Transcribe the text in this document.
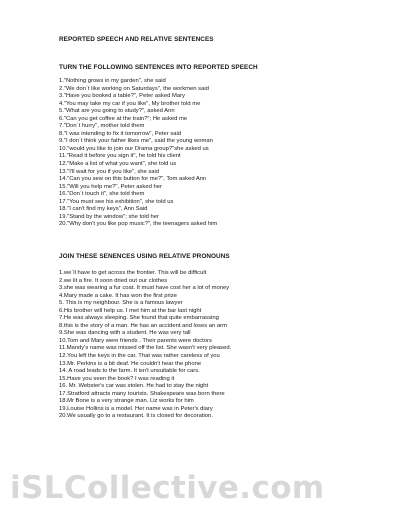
REPORTED SPEECH AND RELATIVE SENTENCES
TURN THE FOLLOWING SENTENCES INTO REPORTED SPEECH
1."Nothing grows in my garden", she said
2."We don´t like working on Saturdays", the workmen said
3."Have you booked a table?", Peter asked Mary
4."You may take my car if you like", My brother told me
5."What are you going to study?", asked Ann
6."Can you get coffee at the train?"; He asked me
7."Don´t hurry", mother told them
8."I was intending to fix it tomorrow", Peter said
9."I don´t think your father likes me", said the young woman
10."would you like to join our Drama group?"she asked us
11."Read it before you sign it", he told his client
12."Make a list of what you want", she told us
13."I'll wait for you if you like", she said
14."Can you sew on this button for me?", Tom asked Ann
15."Will you help me?", Peter asked her
16."Don´t touch it", she told them
17."You must see his exhibition", she told us
18."I can't find my keys", Ann Said
19."Stand by the window"; she told her
20."Why don't you like pop music?", the teenagers asked him
JOIN THESE SENENCES USING RELATIVE PRONOUNS
1.we´ll have to get across the frontier. This will be difficult
2.we lit a fire. It soon dried out our clothes
3.she was wearing a fur coat. It must have cost her a lot of money
4.Mary made a cake. It has won the first prize
5. This is my neighbour. She is a famous lawyer
6.His brother will help us. I met him at the bar last night
7.He was always sleeping. She found that quite embarrassing
8.this is the story of a man. He has an accident and loses an arm
9.She was dancing with a student. He was very tall
10.Tom and Mary were friends . Their parents were doctors
11.Mandy's name was missed off the list. She wasn't very pleased.
12.You left the keys in the car. That was rather careless of you
13.Mr. Perkins is a bit deaf. He couldn't hear the phone
14. A road leads to the farm. It isn't unsuitable for cars.
15.Have you seen the book? I was reading it
16. Mr. Webster's car was stolen. He had to stay the night
17.Stratford attracts many tourists. Shakespeare was born there
18.Mr Bone is a very strange man. Liz works for him
19.Louise Hollins is a model. Her name was in Peter's diary
20.We usually go to a restaurant. It is closed for decoration.
iSLCollective.com
